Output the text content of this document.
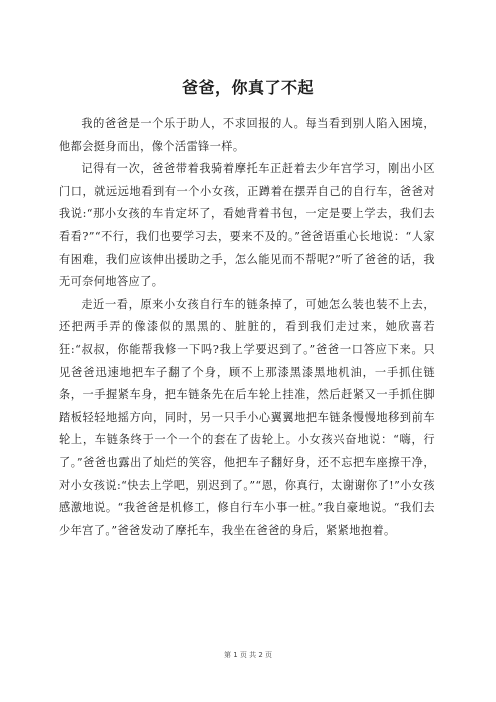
爸爸，你真了不起

我的爸爸是一个乐于助人，不求回报的人。每当看到别人陷入困境，他都会挺身而出，像个活雷锋一样。

记得有一次，爸爸带着我骑着摩托车正赶着去少年宫学习，刚出小区门口，就远远地看到有一个小女孩，正蹲着在摆弄自己的自行车，爸爸对我说:“那小女孩的车肯定坏了，看她背着书包，一定是要上学去，我们去看看?”“不行，我们也要学习去，要来不及的。”爸爸语重心长地说：“人家有困难，我们应该伸出援助之手，怎么能见而不帮呢?”听了爸爸的话，我无可奈何地答应了。

走近一看，原来小女孩自行车的链条掉了，可她怎么装也装不上去，还把两手弄的像漆似的黑黑的、脏脏的，看到我们走过来，她欣喜若狂:“叔叔，你能帮我修一下吗?我上学要迟到了。”爸爸一口答应下来。只见爸爸迅速地把车子翻了个身，顾不上那漆黑漆黑地机油，一手抓住链条，一手握紧车身，把车链条先在后车轮上挂准，然后赶紧又一手抓住脚踏板轻轻地摇方向，同时，另一只手小心翼翼地把车链条慢慢地移到前车轮上，车链条终于一个一个的套在了齿轮上。小女孩兴奋地说：“嗨，行了。”爸爸也露出了灿烂的笑容，他把车子翻好身，还不忘把车座擦干净，对小女孩说:“快去上学吧，别迟到了。”“恩，你真行，太谢谢你了!”小女孩感激地说。“我爸爸是机修工，修自行车小事一桩。”我自豪地说。“我们去少年宫了。”爸爸发动了摩托车，我坐在爸爸的身后，紧紧地抱着。

第 1 页 共 2 页
